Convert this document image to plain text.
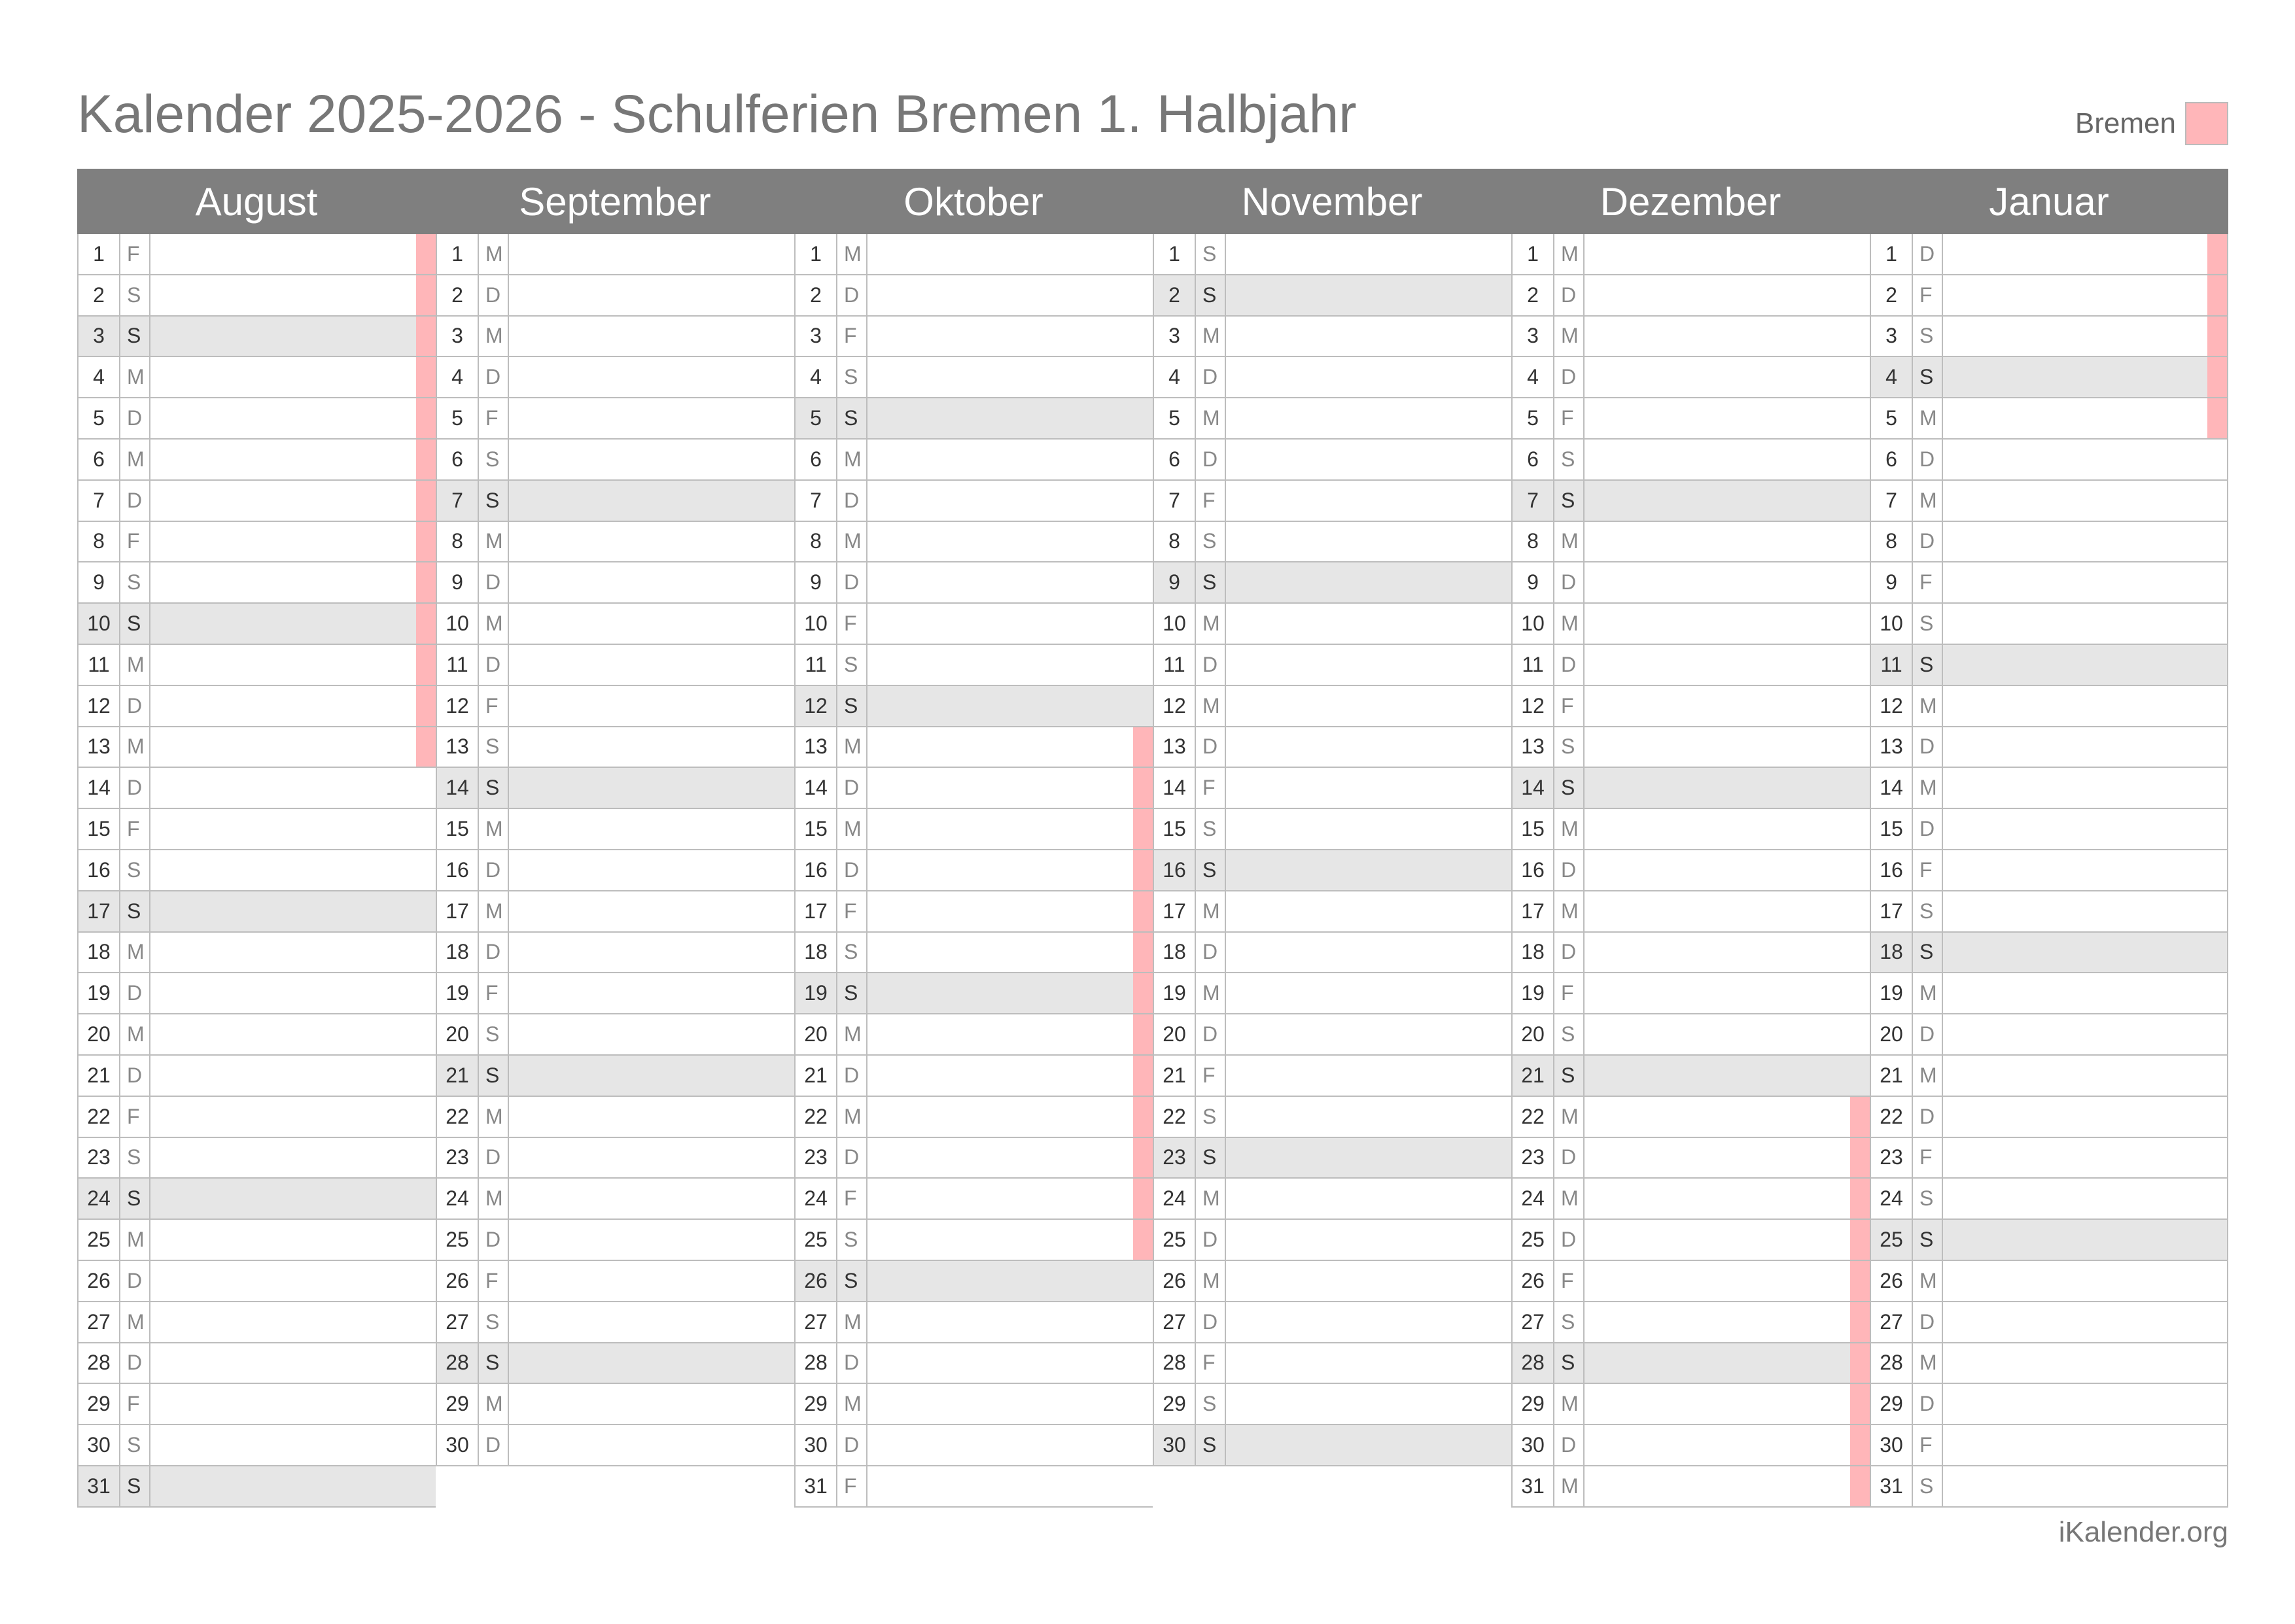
Kalender 2025-2026 - Schulferien Bremen 1. Halbjahr	Bremen
August
1	F
2	S
3	S
4	M
5	D
6	M
7	D
8	F
9	S
10 S
11 M
12 D
13 M
14 D
15 F
16 S
17 S
18 M
19 D
20 M
21 D
22 F
23 S
24 S
25 M
26 D
27 M
28 D
29 F
30 S
31 S
September
1	M
2	D
3	M
4	D
5	F
6	S
7	S
8	M
9	D
10 M
11 D
12 F
13 S
14 S
15 M
16 D
17 M
18 D
19 F
20 S
21 S
22 M
23 D
24 M
25 D
26 F
27 S
28 S
29 M
30 D
Oktober
1	M
2	D
3	F
4	S
5	S
6	M
7	D
8	M
9	D
10 F
11 S
12 S
13 M
14 D
15 M
16 D
17 F
18 S
19 S
20 M
21 D
22 M
23 D
24 F
25 S
26 S
27 M
28 D
29 M
30 D
31 F
November
1	S
2	S
3	M
4	D
5	M
6	D
7	F
8	S
9	S
10 M
11 D
12 M
13 D
14 F
15 S
16 S
17 M
18 D
19 M
20 D
21 F
22 S
23 S
24 M
25 D
26 M
27 D
28 F
29 S
30 S
Dezember
1	M
2	D
3	M
4	D
5	F
6	S
7	S
8	M
9	D
10 M
11 D
12 F
13 S
14 S
15 M
16 D
17 M
18 D
19 F
20 S
21 S
22 M
23 D
24 M
25 D
26 F
27 S
28 S
29 M
30 D
31 M
Januar
1	D
2	F
3	S
4	S
5	M
6	D
7	M
8	D
9	F
10 S
11 S
12 M
13 D
14 M
15 D
16 F
17 S
18 S
19 M
20 D
21 M
22 D
23 F
24 S
25 S
26 M
27 D
28 M
29 D
30 F
31 S
iKalender.org
